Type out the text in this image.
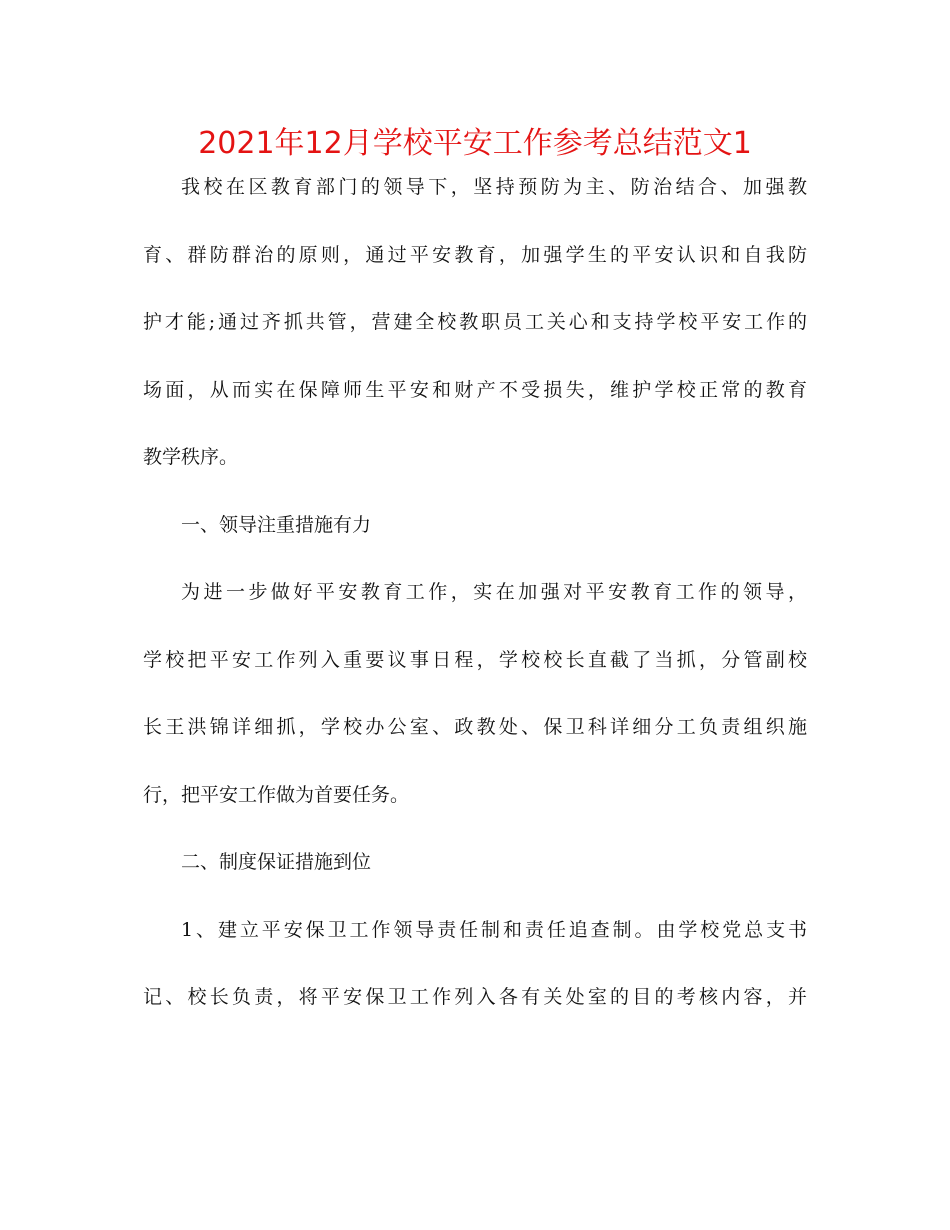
2021年12月学校平安工作参考总结范文1
我校在区教育部门的领导下，坚持预防为主、防治结合、加强教
育、群防群治的原则，通过平安教育，加强学生的平安认识和自我防
护才能;通过齐抓共管，营建全校教职员工关心和支持学校平安工作的
场面，从而实在保障师生平安和财产不受损失，维护学校正常的教育
教学秩序。
一、领导注重措施有力
为进一步做好平安教育工作，实在加强对平安教育工作的领导，
学校把平安工作列入重要议事日程，学校校长直截了当抓，分管副校
长王洪锦详细抓，学校办公室、政教处、保卫科详细分工负责组织施
行，把平安工作做为首要任务。
二、制度保证措施到位
1、建立平安保卫工作领导责任制和责任追查制。由学校党总支书
记、校长负责，将平安保卫工作列入各有关处室的目的考核内容，并
